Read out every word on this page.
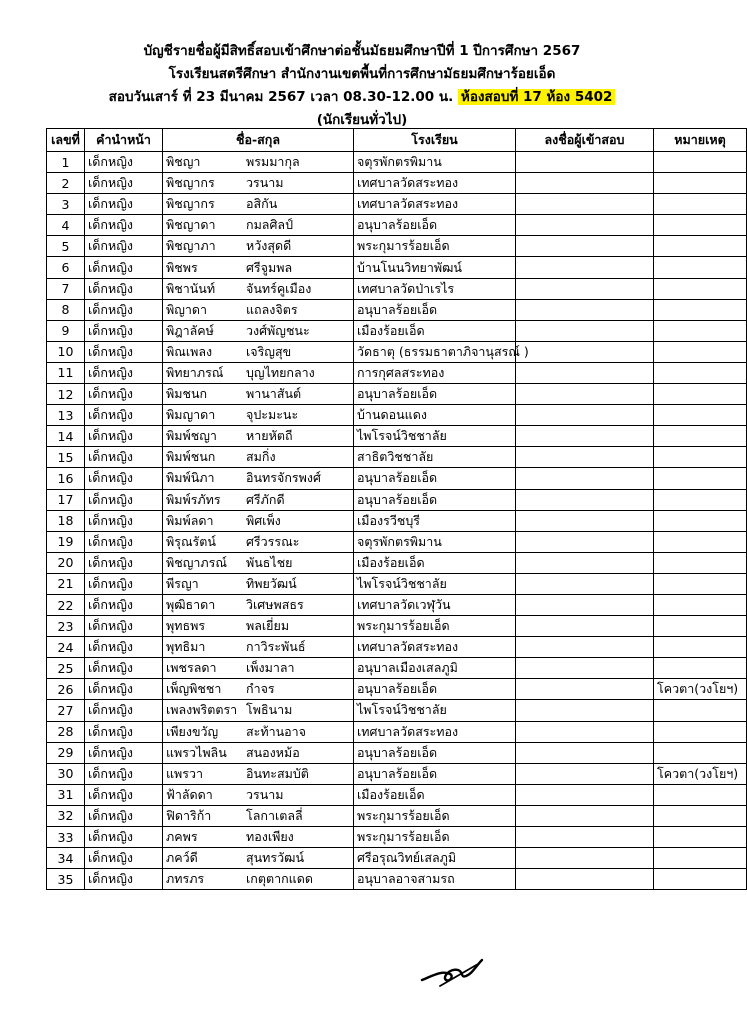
บัญชีรายชื่อผู้มีสิทธิ์สอบเข้าศึกษาต่อชั้นมัธยมศึกษาปีที่ 1 ปีการศึกษา 2567
โรงเรียนสตรีศึกษา สำนักงานเขตพื้นที่การศึกษามัธยมศึกษาร้อยเอ็ด
สอบวันเสาร์ ที่ 23 มีนาคม 2567 เวลา 08.30-12.00 น. ห้องสอบที่ 17 ห้อง 5402
(นักเรียนทั่วไป)
เลขที่	คำนำหน้า	ชื่อ-สกุล	โรงเรียน	ลงชื่อผู้เข้าสอบ	หมายเหตุ
1	เด็กหญิง	พิชญา พรมมากุล	จตุรพักตรพิมาน		
2	เด็กหญิง	พิชญากร วรนาม	เทศบาลวัดสระทอง		
3	เด็กหญิง	พิชญากร อสิกัน	เทศบาลวัดสระทอง		
4	เด็กหญิง	พิชญาดา กมลศิลป์	อนุบาลร้อยเอ็ด		
5	เด็กหญิง	พิชญาภา หวังสุดดี	พระกุมารร้อยเอ็ด		
6	เด็กหญิง	พิชพร ศรีจูมพล	บ้านโนนวิทยาพัฒน์		
7	เด็กหญิง	พิชานันท์ จันทร์คูเมือง	เทศบาลวัดป่าเรไร		
8	เด็กหญิง	พิญาดา แถลงจิตร	อนุบาลร้อยเอ็ด		
9	เด็กหญิง	พิฎาลัคษ์ วงศ์พัญชนะ	เมืองร้อยเอ็ด		
10	เด็กหญิง	พิณเพลง เจริญสุข	วัดธาตุ (ธรรมธาตาภิจานุสรณ์ )		
11	เด็กหญิง	พิทยาภรณ์ บุญไทยกลาง	การกุศลสระทอง		
12	เด็กหญิง	พิมชนก พานาสันต์	อนุบาลร้อยเอ็ด		
13	เด็กหญิง	พิมญาดา จุปะมะนะ	บ้านดอนแดง		
14	เด็กหญิง	พิมพ์ชญา หายหัตถี	ไพโรจน์วิชชาลัย		
15	เด็กหญิง	พิมพ์ชนก สมกิ่ง	สาธิตวิชชาลัย		
16	เด็กหญิง	พิมพ์นิภา อินทรจักรพงศ์	อนุบาลร้อยเอ็ด		
17	เด็กหญิง	พิมพ์รภัทร ศรีภักดี	อนุบาลร้อยเอ็ด		
18	เด็กหญิง	พิมพ์ลดา พิศเพ็ง	เมืองรวีชบุรี		
19	เด็กหญิง	พิรุณรัตน์ ศรีวรรณะ	จตุรพักตรพิมาน		
20	เด็กหญิง	พิชญาภรณ์ พันธไชย	เมืองร้อยเอ็ด		
21	เด็กหญิง	พีรญา ทิพยวัฒน์	ไพโรจน์วิชชาลัย		
22	เด็กหญิง	พุฒิธาดา วิเศษพสธร	เทศบาลวัดเวฬุวัน		
23	เด็กหญิง	พุทธพร พลเยี่ยม	พระกุมารร้อยเอ็ด		
24	เด็กหญิง	พุทธิมา กาวิระพันธ์	เทศบาลวัดสระทอง		
25	เด็กหญิง	เพชรลดา เพ็งมาลา	อนุบาลเมืองเสลภูมิ		
26	เด็กหญิง	เพ็ญพิชชา กำจร	อนุบาลร้อยเอ็ด		โควตา(วงโยฯ)
27	เด็กหญิง	เพลงพริตตรา โพธินาม	ไพโรจน์วิชชาลัย		
28	เด็กหญิง	เพียงขวัญ สะท้านอาจ	เทศบาลวัดสระทอง		
29	เด็กหญิง	แพรวไพลิน สนองหม้อ	อนุบาลร้อยเอ็ด		
30	เด็กหญิง	แพรวา อินทะสมบัติ	อนุบาลร้อยเอ็ด		โควตา(วงโยฯ)
31	เด็กหญิง	ฟ้าลัดดา วรนาม	เมืองร้อยเอ็ด		
32	เด็กหญิง	ฟิดาริก้า โลกาเตลลี่	พระกุมารร้อยเอ็ด		
33	เด็กหญิง	ภคพร ทองเพียง	พระกุมารร้อยเอ็ด		
34	เด็กหญิง	ภคว์ดี สุนทรวัฒน์	ศรีอรุณวิทย์เสลภูมิ		
35	เด็กหญิง	ภทรภร เกตุตากแดด	อนุบาลอาจสามรถ		
